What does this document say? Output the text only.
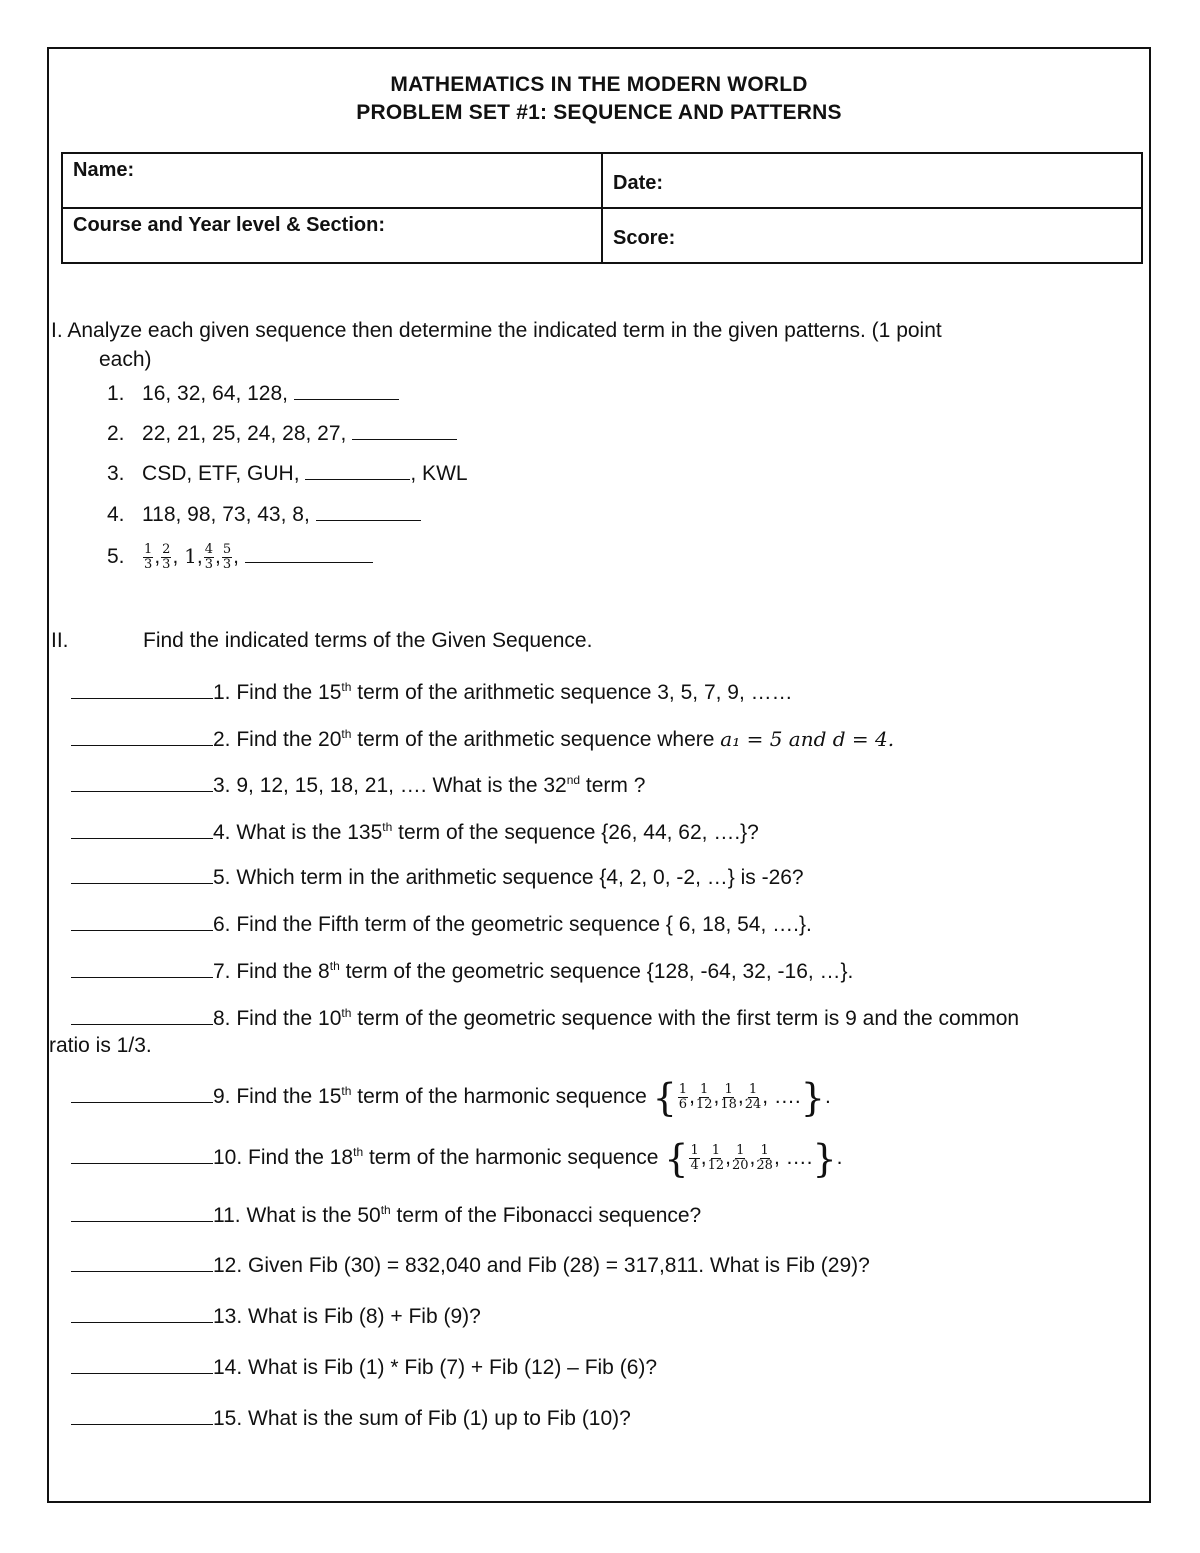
MATHEMATICS IN THE MODERN WORLD
PROBLEM SET #1: SEQUENCE AND PATTERNS
Name:	Date:
Course and Year level & Section:	Score:
I. Analyze each given sequence then determine the indicated term in the given patterns. (1 point
each)
1. 16, 32, 64, 128,
2. 22, 21, 25, 24, 28, 27,
3. CSD, ETF, GUH,	, KWL
4. 118, 98, 73, 43, 8,
5. $\frac{1}{3}$ , $\frac{2}{3}$ , 1, $\frac{4}{3}$ , $\frac{5}{3}$ ,
II.	Find the indicated terms of the Given Sequence.
1. Find the 15th term of the arithmetic sequence 3, 5, 7, 9, ……
2. Find the 20th term of the arithmetic sequence where a₁ = 5 and d = 4.
3. 9, 12, 15, 18, 21, …. What is the 32nd term ?
4. What is the 135th term of the sequence {26, 44, 62, ….}?
5. Which term in the arithmetic sequence {4, 2, 0, -2, …} is -26?
6. Find the Fifth term of the geometric sequence { 6, 18, 54, ….}.
7. Find the 8th term of the geometric sequence {128, -64, 32, -16, …}.
8. Find the 10th term of the geometric sequence with the first term is 9 and the common
ratio is 1/3.
9. Find the 15th term of the harmonic sequence { $\frac{1}{6}$ , $\frac{1}{12}$ , $\frac{1}{18}$ , $\frac{1}{24}$ , ….}.
10. Find the 18th term of the harmonic sequence { $\frac{1}{4}$ , $\frac{1}{12}$ , $\frac{1}{20}$ , $\frac{1}{28}$ , ….}.
11. What is the 50th term of the Fibonacci sequence?
12. Given Fib (30) = 832,040 and Fib (28) = 317,811. What is Fib (29)?
13. What is Fib (8) + Fib (9)?
14. What is Fib (1) * Fib (7) + Fib (12) – Fib (6)?
15. What is the sum of Fib (1) up to Fib (10)?
